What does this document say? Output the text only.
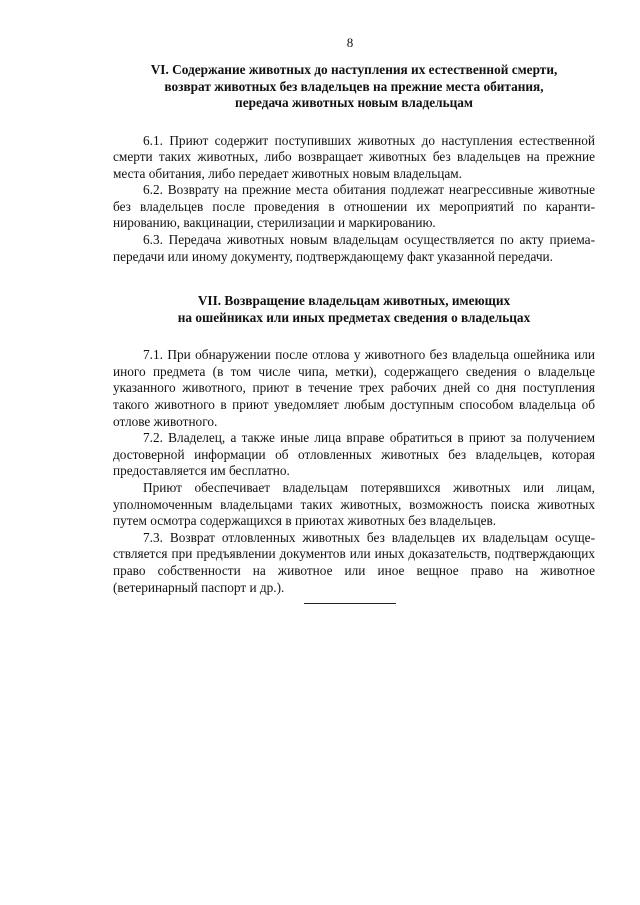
8
VI. Содержание животных до наступления их естественной смерти,
возврат животных без владельцев на прежние места обитания,
передача животных новым владельцам

6.1. Приют содержит поступивших животных до наступления естественной смерти таких животных, либо возвращает животных без владельцев на прежние места обитания, либо передает животных новым владельцам.

6.2. Возврату на прежние места обитания подлежат неагрессивные животные без владельцев после проведения в отношении их мероприятий по карантинированию, вакцинации, стерилизации и маркированию.

6.3. Передача животных новым владельцам осуществляется по акту приема-передачи или иному документу, подтверждающему факт указанной передачи.

VII. Возвращение владельцам животных, имеющих
на ошейниках или иных предметах сведения о владельцах

7.1. При обнаружении после отлова у животного без владельца ошейника или иного предмета (в том числе чипа, метки), содержащего сведения о владельце указанного животного, приют в течение трех рабочих дней со дня поступления такого животного в приют уведомляет любым доступным способом владельца об отлове животного.

7.2. Владелец, а также иные лица вправе обратиться в приют за получением достоверной информации об отловленных животных без владельцев, которая предоставляется им бесплатно.

Приют обеспечивает владельцам потерявшихся животных или лицам, уполномоченным владельцами таких животных, возможность поиска животных путем осмотра содержащихся в приютах животных без владельцев.

7.3. Возврат отловленных животных без владельцев их владельцам осуществляется при предъявлении документов или иных доказательств, подтверждающих право собственности на животное или иное вещное право на животное (ветеринарный паспорт и др.).
